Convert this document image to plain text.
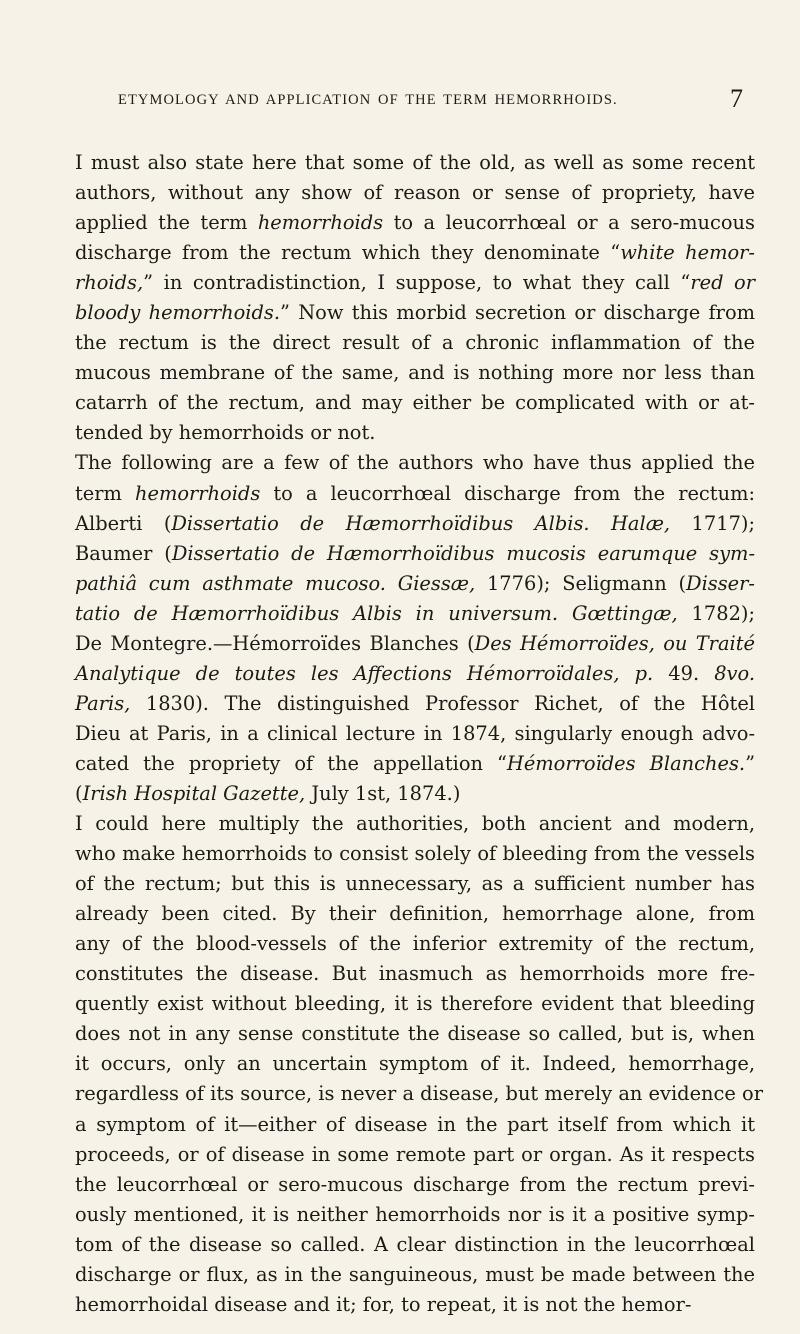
ETYMOLOGY AND APPLICATION OF THE TERM HEMORRHOIDS.	7
I must also state here that some of the old, as well as some recent
authors, without any show of reason or sense of propriety, have
applied the term hemorrhoids to a leucorrhœal or a sero-mucous
discharge from the rectum which they denominate “white hemor-
rhoids,” in contradistinction, I suppose, to what they call “red or
bloody hemorrhoids.” Now this morbid secretion or discharge from
the rectum is the direct result of a chronic inflammation of the
mucous membrane of the same, and is nothing more nor less than
catarrh of the rectum, and may either be complicated with or at-
tended by hemorrhoids or not.
The following are a few of the authors who have thus applied the
term hemorrhoids to a leucorrhœal discharge from the rectum:
Alberti (Dissertatio de Hæmorrhoïdibus Albis. Halæ, 1717);
Baumer (Dissertatio de Hæmorrhoïdibus mucosis earumque sym-
pathiâ cum asthmate mucoso. Giessæ, 1776); Seligmann (Disser-
tatio de Hæmorrhoïdibus Albis in universum. Gœttingæ, 1782);
De Montegre.—Hémorroïdes Blanches (Des Hémorroïdes, ou Traité
Analytique de toutes les Affections Hémorroïdales, p. 49. 8vo.
Paris, 1830). The distinguished Professor Richet, of the Hôtel
Dieu at Paris, in a clinical lecture in 1874, singularly enough advo-
cated the propriety of the appellation “Hémorroïdes Blanches.”
(Irish Hospital Gazette, July 1st, 1874.)
I could here multiply the authorities, both ancient and modern,
who make hemorrhoids to consist solely of bleeding from the vessels
of the rectum; but this is unnecessary, as a sufficient number has
already been cited. By their definition, hemorrhage alone, from
any of the blood-vessels of the inferior extremity of the rectum,
constitutes the disease. But inasmuch as hemorrhoids more fre-
quently exist without bleeding, it is therefore evident that bleeding
does not in any sense constitute the disease so called, but is, when
it occurs, only an uncertain symptom of it. Indeed, hemorrhage,
regardless of its source, is never a disease, but merely an evidence or
a symptom of it—either of disease in the part itself from which it
proceeds, or of disease in some remote part or organ. As it respects
the leucorrhœal or sero-mucous discharge from the rectum previ-
ously mentioned, it is neither hemorrhoids nor is it a positive symp-
tom of the disease so called. A clear distinction in the leucorrhœal
discharge or flux, as in the sanguineous, must be made between the
hemorrhoidal disease and it; for, to repeat, it is not the hemor-
